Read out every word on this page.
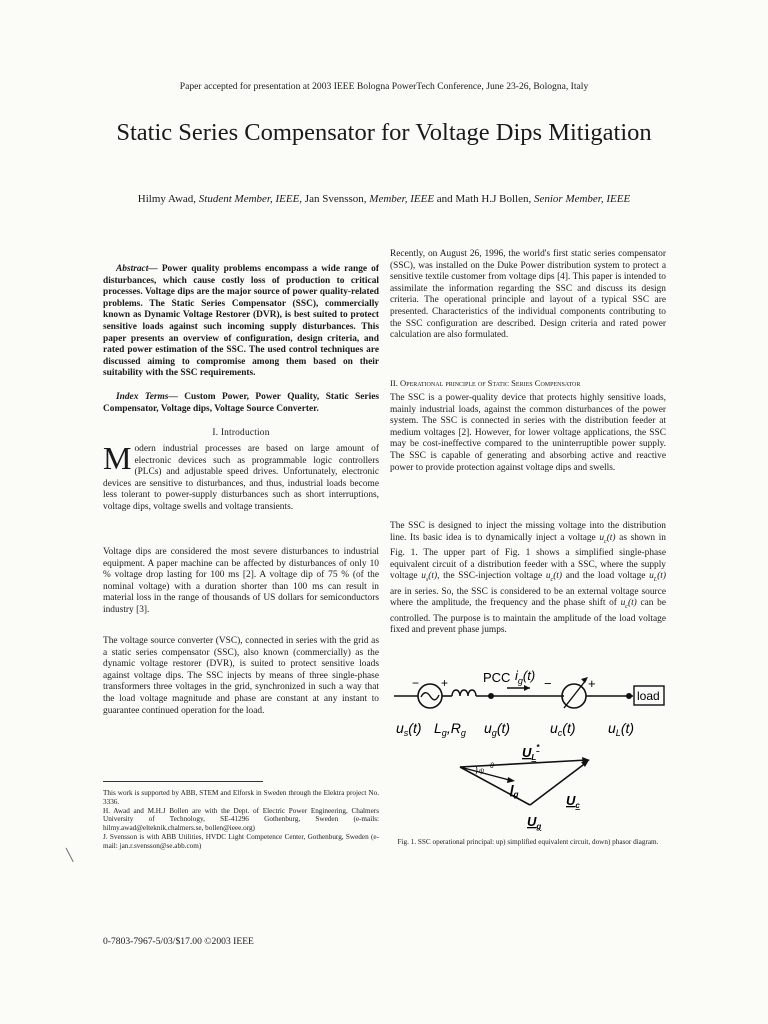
Paper accepted for presentation at 2003 IEEE Bologna PowerTech Conference, June 23-26, Bologna, Italy
Static Series Compensator for Voltage Dips Mitigation
Hilmy Awad, Student Member, IEEE, Jan Svensson, Member, IEEE and Math H.J Bollen, Senior Member, IEEE
Abstract— Power quality problems encompass a wide range of disturbances, which cause costly loss of production to critical processes. Voltage dips are the major source of power quality-related problems. The Static Series Compensator (SSC), commercially known as Dynamic Voltage Restorer (DVR), is best suited to protect sensitive loads against such incoming supply disturbances. This paper presents an overview of configuration, design criteria, and rated power estimation of the SSC. The used control techniques are discussed aiming to compromise among them based on their suitability with the SSC requirements.
Index Terms— Custom Power, Power Quality, Static Series Compensator, Voltage dips, Voltage Source Converter.
I. Introduction
Modern industrial processes are based on large amount of electronic devices such as programmable logic controllers (PLCs) and adjustable speed drives. Unfortunately, electronic devices are sensitive to disturbances, and thus, industrial loads become less tolerant to power-supply disturbances such as short interruptions, voltage dips, voltage swells and voltage transients.
Voltage dips are considered the most severe disturbances to industrial equipment. A paper machine can be affected by disturbances of only 10 % voltage drop lasting for 100 ms [2]. A voltage dip of 75 % (of the nominal voltage) with a duration shorter than 100 ms can result in material loss in the range of thousands of US dollars for semiconductors industry [3].
The voltage source converter (VSC), connected in series with the grid as a static series compensator (SSC), also known (commercially) as the dynamic voltage restorer (DVR), is suited to protect sensitive loads against voltage dips. The SSC injects by means of three single-phase transformers three voltages in the grid, synchronized in such a way that the load voltage magnitude and phase are constant at any instant to guarantee continued operation for the load.
This work is supported by ABB, STEM and Elforsk in Sweden through the Elektra project No. 3336.
H. Awad and M.H.J Bollen are with the Dept. of Electric Power Engineering, Chalmers University of Technology, SE-41296 Gothenburg, Sweden (e-mails: hilmy.awad@elteknik.chalmers.se, bollen@ieee.org)
J. Svensson is with ABB Utilities, HVDC Light Competence Center, Gothenburg, Sweden (e-mail: jan.r.svensson@se.abb.com)
0-7803-7967-5/03/$17.00 ©2003 IEEE
Recently, on August 26, 1996, the world's first static series compensator (SSC), was installed on the Duke Power distribution system to protect a sensitive textile customer from voltage dips [4]. This paper is intended to assimilate the information regarding the SSC and discuss its design criteria. The operational principle and layout of a typical SSC are presented. Characteristics of the individual components contributing to the SSC configuration are described. Design criteria and rated power calculation are also formulated.
II. Operational principle of Static Series Compensator
The SSC is a power-quality device that protects highly sensitive loads, mainly industrial loads, against the common disturbances of the power system. The SSC is connected in series with the distribution feeder at medium voltages [2]. However, for lower voltage applications, the SSC may be cost-ineffective compared to the uninterruptible power supply. The SSC is capable of generating and absorbing active and reactive power to provide protection against voltage dips and swells.
The SSC is designed to inject the missing voltage into the distribution line. Its basic idea is to dynamically inject a voltage $u_c(t)$ as shown in Fig. 1. The upper part of Fig. 1 shows a simplified single-phase equivalent circuit of a distribution feeder with a SSC, where the supply voltage $u_s(t)$, the SSC-injection voltage $u_c(t)$ and the load voltage $u_L(t)$ are in series. So, the SSC is considered to be an external voltage source where the amplitude, the frequency and the phase shift of $u_c(t)$ can be controlled. The purpose is to maintain the amplitude of the load voltage fixed and prevent phase jumps.
− +	PCC $i_g(t)$
−	+
load
$u_s(t)$ $L_g,R_g$ $u_g(t)$	$u_c(t)$ $u_L(t)$
ψ
θ
$U_L^*$
$I_g$	$U_c$
$U_g$
Fig. 1. SSC operational principal: up) simplified equivalent circuit, down) phasor diagram.
╲
